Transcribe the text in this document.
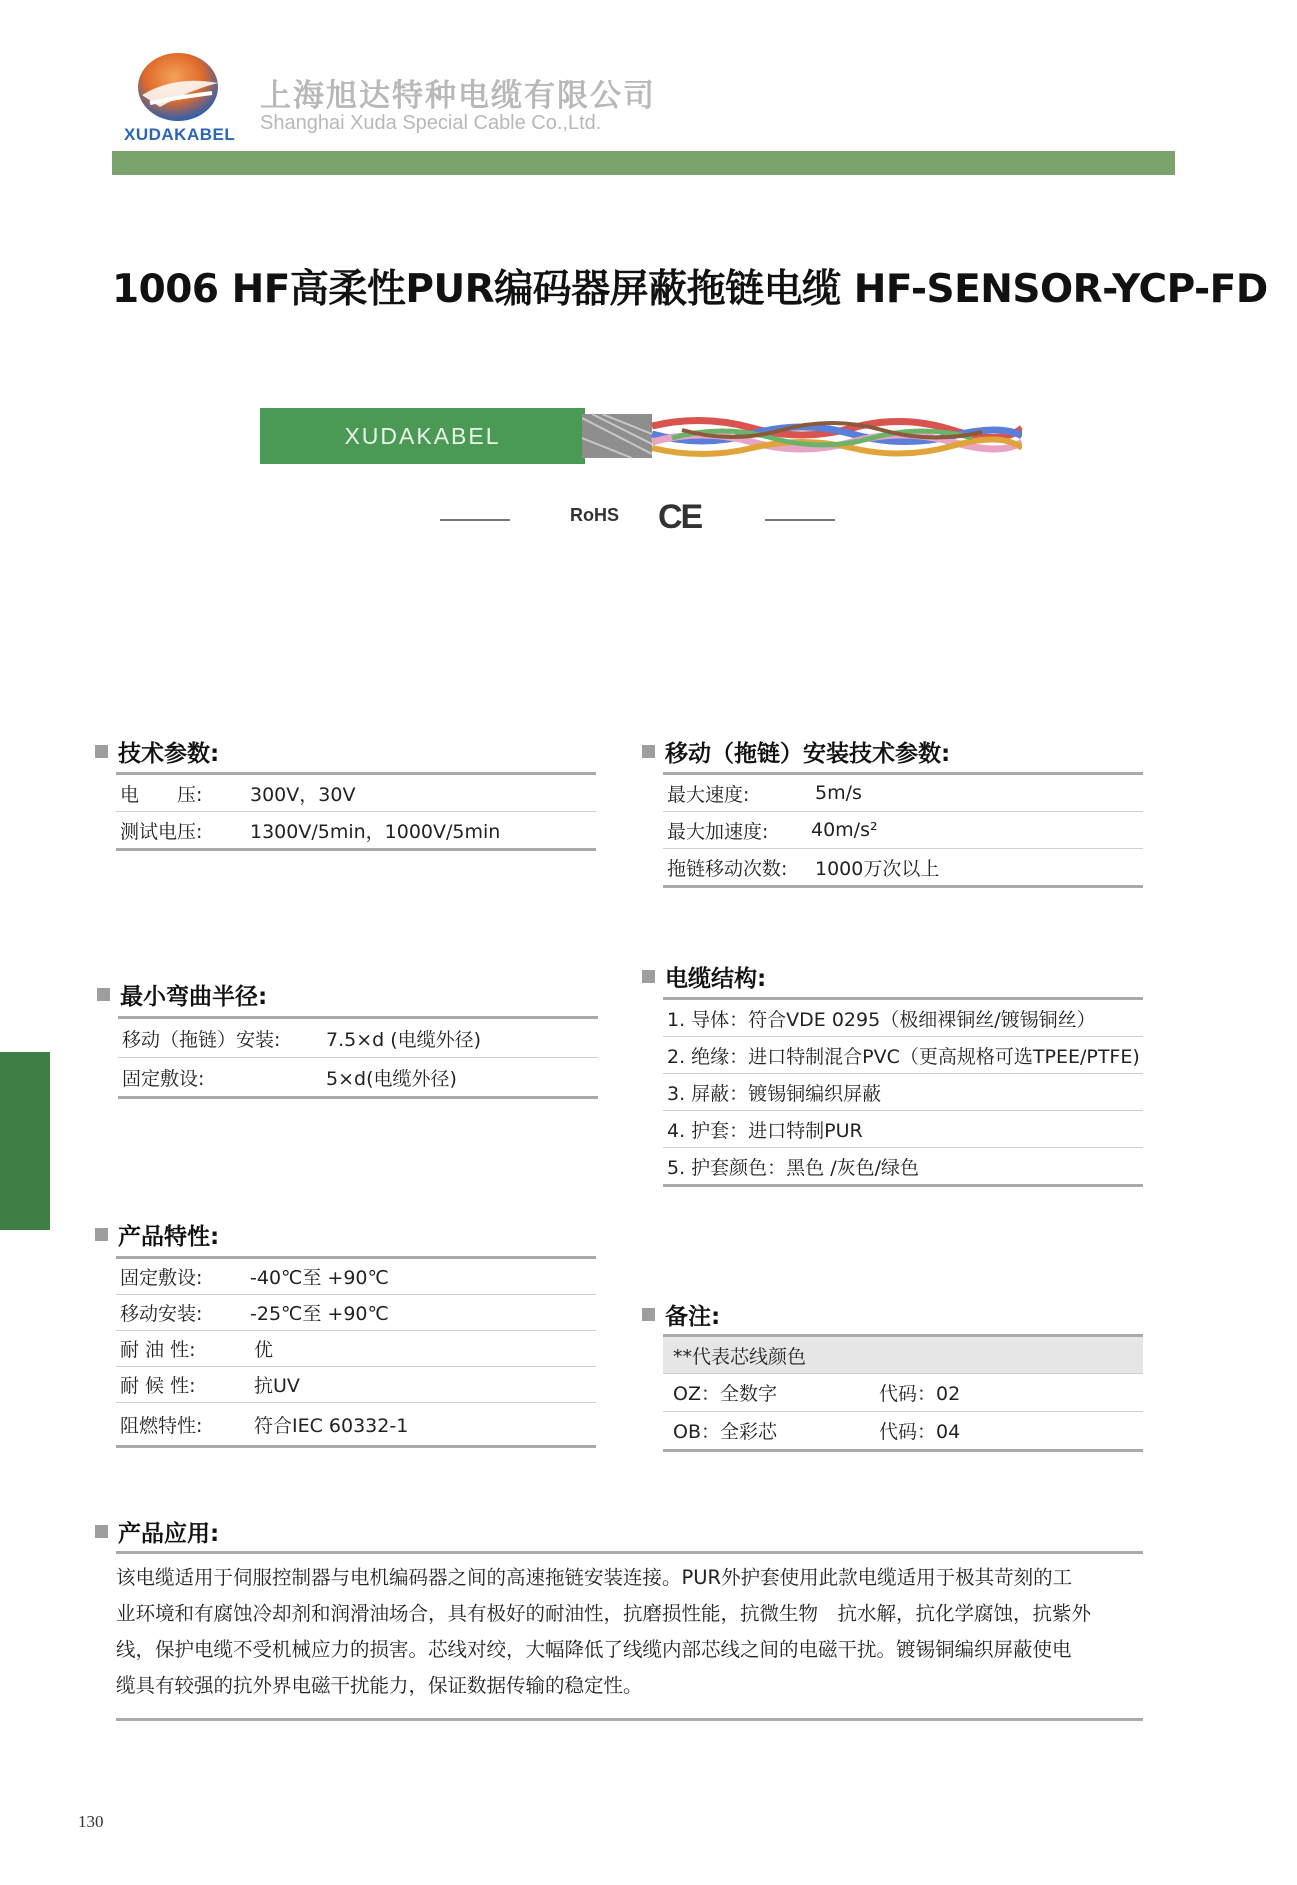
XUDAKABEL
上海旭达特种电缆有限公司
Shanghai Xuda Special Cable Co.,Ltd.
1006 HF高柔性PUR编码器屏蔽拖链电缆 HF-SENSOR-YCP-FD
XUDAKABEL
RoHS CE
技术参数:
电　　压:	300V，30V
测试电压:	1300V/5min，1000V/5min
移动（拖链）安装技术参数:
最大速度:	5m/s
最大加速度:	40m/s²
拖链移动次数:	1000万次以上
最小弯曲半径:
移动（拖链）安装:	7.5×d (电缆外径)
固定敷设:	5×d(电缆外径)
电缆结构:
1. 导体：符合VDE 0295（极细裸铜丝/镀锡铜丝）
2. 绝缘：进口特制混合PVC（更高规格可选TPEE/PTFE)
3. 屏蔽：镀锡铜编织屏蔽
4. 护套：进口特制PUR
5. 护套颜色：黑色 /灰色/绿色
产品特性:
固定敷设:	-40℃至 +90℃
移动安装:	-25℃至 +90℃
耐 油 性:	优
耐 候 性:	抗UV
阻燃特性:	符合IEC 60332-1
备注:
**代表芯线颜色
OZ：全数字	代码：02
OB：全彩芯	代码：04
产品应用:
该电缆适用于伺服控制器与电机编码器之间的高速拖链安装连接。PUR外护套使用此款电缆适用于极其苛刻的工
业环境和有腐蚀冷却剂和润滑油场合，具有极好的耐油性，抗磨损性能，抗微生物　抗水解，抗化学腐蚀，抗紫外
线，保护电缆不受机械应力的损害。芯线对绞，大幅降低了线缆内部芯线之间的电磁干扰。镀锡铜编织屏蔽使电
缆具有较强的抗外界电磁干扰能力，保证数据传输的稳定性。
130
